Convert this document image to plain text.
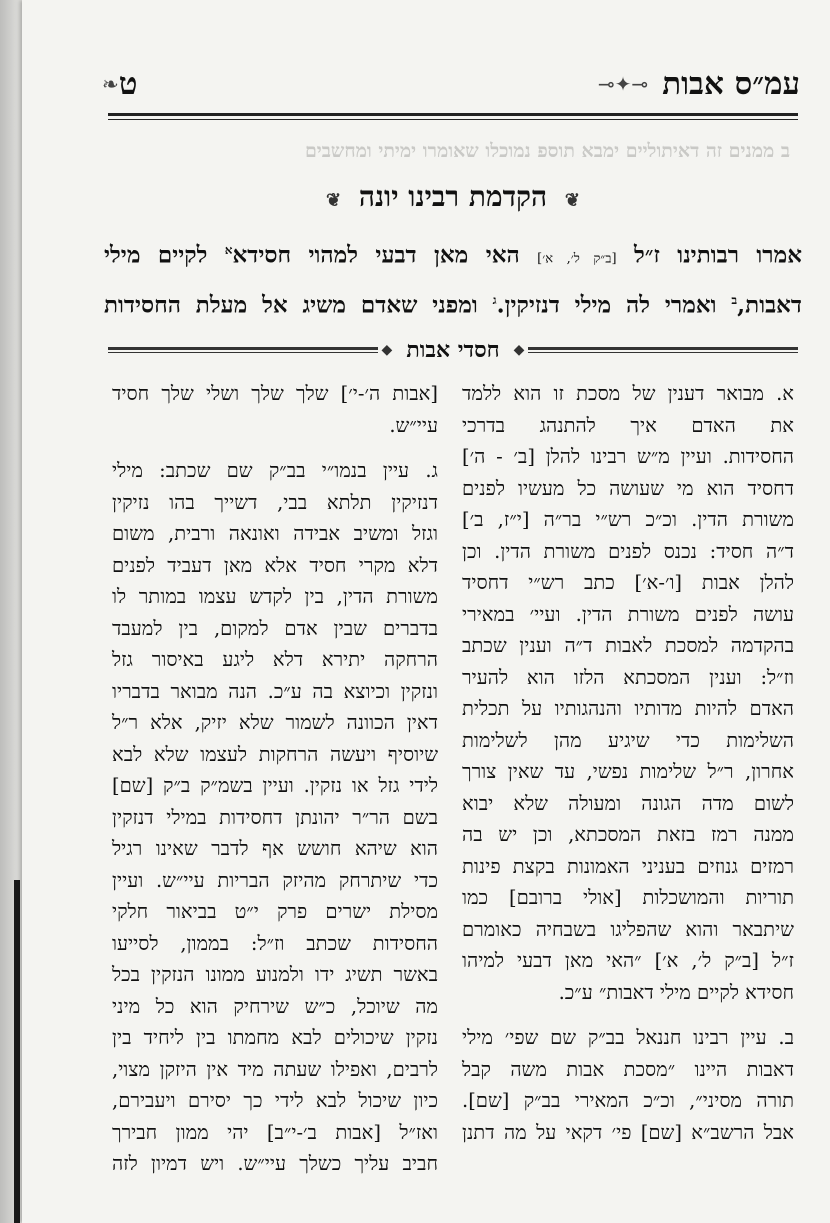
עמ״ס אבות
⊸✦⊸
ט
❧
ב ממנים זה דאיתוליים ימבא תוספ נמוכלו שאומרו ימיתי ומחשבים
❦ הקדמת רבינו יונה ❦
אמרו רבותינו ז״ל [ב״ק ל׳, א׳] האי מאן דבעי למהוי חסידא$^א$ לקיים מילי
דאבות,$^ב$ ואמרי לה מילי דנזיקין.$^ג$ ומפני שאדם משיג אל מעלת החסידות
◆
חסדי אבות
◆

א. מבואר דענין של מסכת זו הוא ללמד
את האדם איך להתנהג בדרכי
החסידות. ועיין מ״ש רבינו להלן [ב׳ - ה׳]
דחסיד הוא מי שעושה כל מעשיו לפנים
משורת הדין. וכ״כ רש״י בר״ה [י״ז, ב׳]
ד״ה חסיד: נכנס לפנים משורת הדין. וכן
להלן אבות [ו׳-א׳] כתב רש״י דחסיד
עושה לפנים משורת הדין. ועיי׳ במאירי
בהקדמה למסכת לאבות ד״ה וענין שכתב
וז״ל: וענין המסכתא הלזו הוא להעיר
האדם להיות מדותיו והנהגותיו על תכלית
השלימות כדי שיגיע מהן לשלימות
אחרון, ר״ל שלימות נפשי, עד שאין צורך
לשום מדה הגונה ומעולה שלא יבוא
ממנה רמז בזאת המסכתא, וכן יש בה
רמזים גנוזים בעניני האמונות בקצת פינות
תוריות והמושכלות [אולי ברובם] כמו
שיתבאר והוא שהפליגו בשבחיה כאומרם
ז״ל [ב״ק ל׳, א׳] ״האי מאן דבעי למיהו
חסידא לקיים מילי דאבות״ ע״כ.

ב. עיין רבינו חננאל בב״ק שם שפי׳ מילי
דאבות היינו ״מסכת אבות משה קבל
תורה מסיני״, וכ״כ המאירי בב״ק [שם].
אבל הרשב״א [שם] פי׳ דקאי על מה דתנן

[אבות ה׳-י׳] שלך שלך ושלי שלך חסיד
עיי״ש.

ג. עיין בנמו״י בב״ק שם שכתב: מילי
דנזיקין תלתא בבי, דשייך בהו נזיקין
וגזל ומשיב אבידה ואונאה ורבית, משום
דלא מקרי חסיד אלא מאן דעביד לפנים
משורת הדין, בין לקדש עצמו במותר לו
בדברים שבין אדם למקום, בין למעבד
הרחקה יתירא דלא ליגע באיסור גזל
ונזקין וכיוצא בה ע״כ. הנה מבואר בדבריו
דאין הכוונה לשמור שלא יזיק, אלא ר״ל
שיוסיף ויעשה הרחקות לעצמו שלא לבא
לידי גזל או נזקין. ועיין בשמ״ק ב״ק [שם]
בשם הר״ר יהונתן דחסידות במילי דנזקין
הוא שיהא חושש אף לדבר שאינו רגיל
כדי שיתרחק מהיזק הבריות עיי״ש. ועיין
מסילת ישרים פרק י״ט בביאור חלקי
החסידות שכתב וז״ל: בממון, לסייעו
באשר תשיג ידו ולמנוע ממונו הנזקין בכל
מה שיוכל, כ״ש שירחיק הוא כל מיני
נזקין שיכולים לבא מחמתו בין ליחיד בין
לרבים, ואפילו שעתה מיד אין היזקן מצוי,
כיון שיכול לבא לידי כך יסירם ויעבירם,
ואז״ל [אבות ב׳-י״ב] יהי ממון חבירך
חביב עליך כשלך עיי״ש. ויש דמיון לזה
